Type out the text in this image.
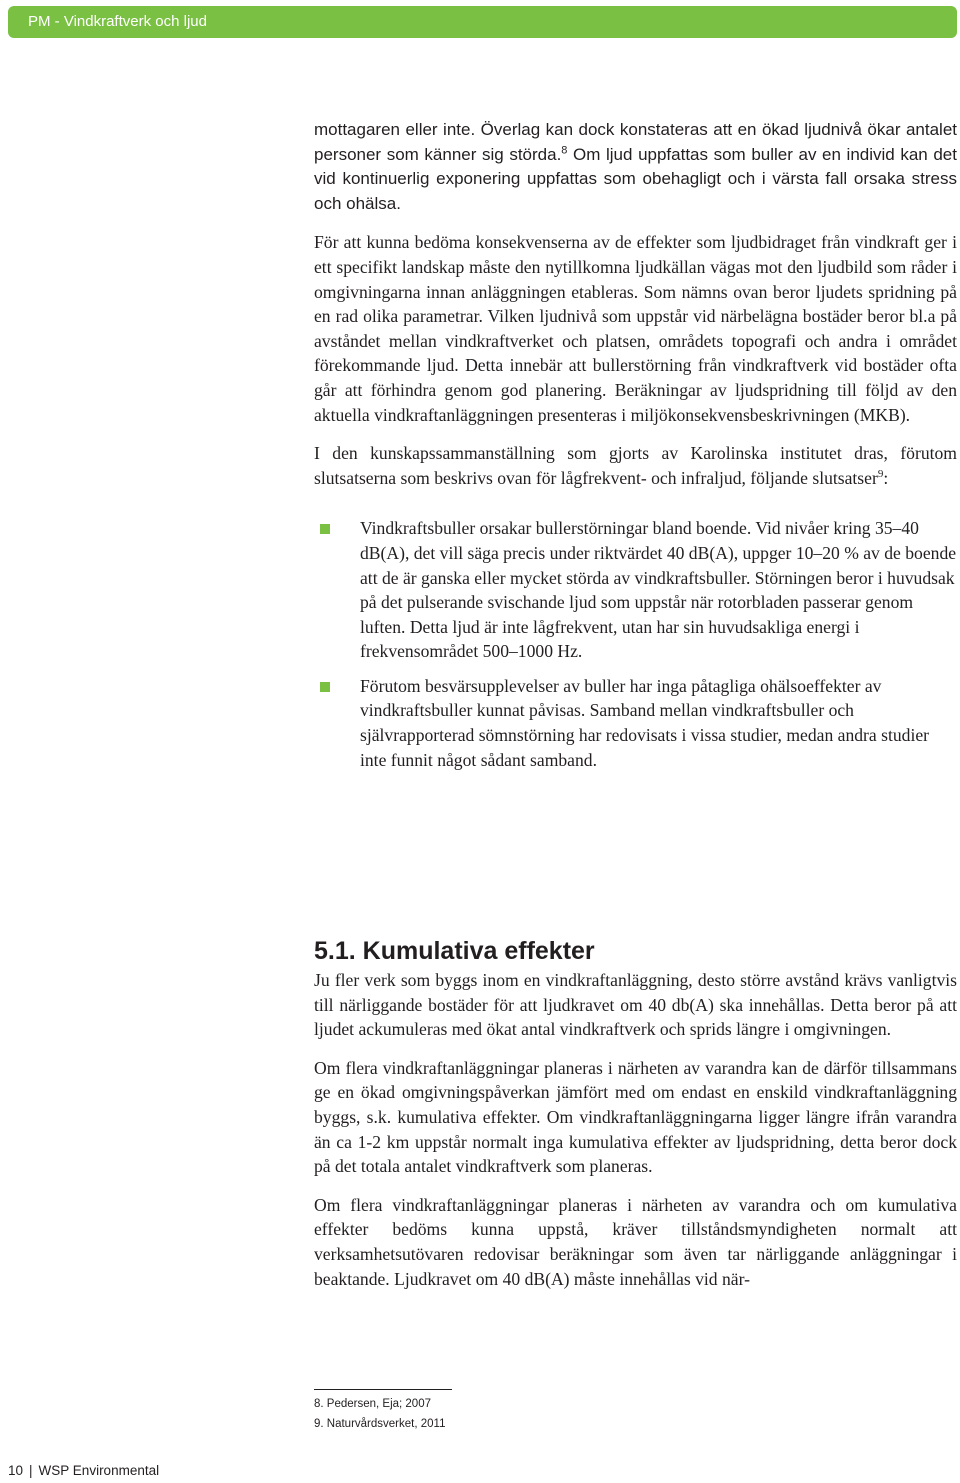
PM - Vindkraftverk och ljud

mottagaren eller inte. Överlag kan dock konstateras att en ökad ljudnivå ökar antalet personer som känner sig störda.$^8$ Om ljud uppfattas som buller av en individ kan det vid kontinuerlig exponering uppfattas som obehagligt och i värsta fall orsaka stress och ohälsa.

För att kunna bedöma konsekvenserna av de effekter som ljudbidraget från vindkraft ger i ett specifikt landskap måste den nytillkomna ljudkällan vägas mot den ljudbild som råder i omgivningarna innan anläggningen etableras. Som nämns ovan beror ljudets spridning på en rad olika parametrar. Vilken ljudnivå som uppstår vid närbelägna bostäder beror bl.a på avståndet mellan vindkraftverket och platsen, områdets topografi och andra i området förekommande ljud. Detta innebär att bullerstörning från vindkraftverk vid bostäder ofta går att förhindra genom god planering. Beräkningar av ljudspridning till följd av den aktuella vindkraftanläggningen presenteras i miljökonsekvensbeskrivningen (MKB).

I den kunskapssammanställning som gjorts av Karolinska institutet dras, förutom slutsatserna som beskrivs ovan för lågfrekvent- och infraljud, följande slutsatser$^9$:

Vindkraftsbuller orsakar bullerstörningar bland boende. Vid nivåer kring 35–40 dB(A), det vill säga precis under riktvärdet 40 dB(A), uppger 10–20 % av de boende att de är ganska eller mycket störda av vindkraftsbuller. Störningen beror i huvudsak på det pulserande svischande ljud som uppstår när rotorbladen passerar genom luften. Detta ljud är inte lågfrekvent, utan har sin huvudsakliga energi i frekvensområdet 500–1000 Hz.
Förutom besvärsupplevelser av buller har inga påtagliga ohälsoeffekter av vindkraftsbuller kunnat påvisas. Samband mellan vindkraftsbuller och självrapporterad sömnstörning har redovisats i vissa studier, medan andra studier inte funnit något sådant samband.
5.1. Kumulativa effekter

Ju fler verk som byggs inom en vindkraftanläggning, desto större avstånd krävs vanligtvis till närliggande bostäder för att ljudkravet om 40 db(A) ska innehållas. Detta beror på att ljudet ackumuleras med ökat antal vindkraftverk och sprids längre i omgivningen.

Om flera vindkraftanläggningar planeras i närheten av varandra kan de därför tillsammans ge en ökad omgivningspåverkan jämfört med om endast en enskild vindkraftanläggning byggs, s.k. kumulativa effekter. Om vindkraftanläggningarna ligger längre ifrån varandra än ca 1-2 km uppstår normalt inga kumulativa effekter av ljudspridning, detta beror dock på det totala antalet vindkraftverk som planeras.

Om flera vindkraftanläggningar planeras i närheten av varandra och om kumulativa effekter bedöms kunna uppstå, kräver tillståndsmyndigheten normalt att verksamhetsutövaren redovisar beräkningar som även tar närliggande anläggningar i beaktande. Ljudkravet om 40 dB(A) måste innehållas vid när-

8. Pedersen, Eja; 2007
9. Naturvårdsverket, 2011
10 | WSP Environmental
